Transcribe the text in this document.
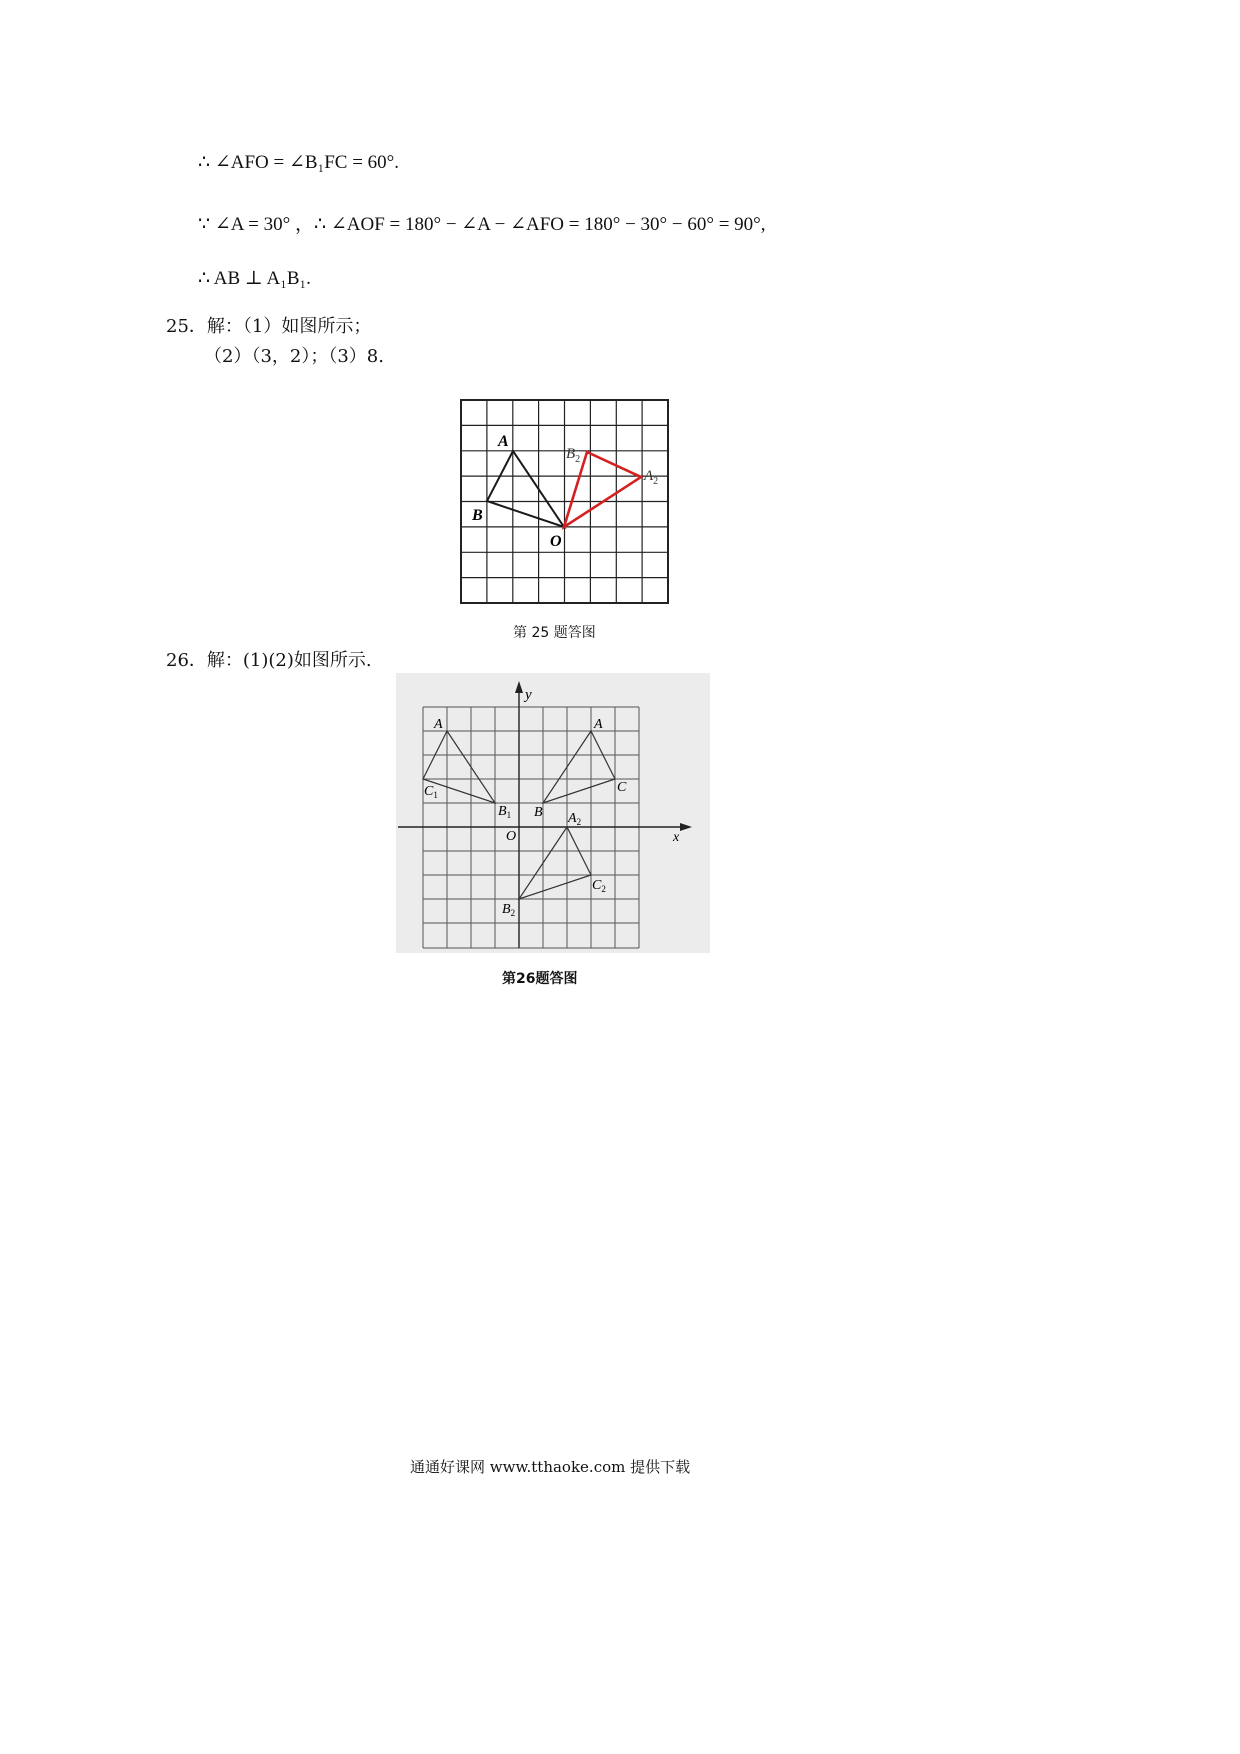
∴ ∠AFO = ∠B₁FC = 60°.
∵ ∠A = 30° ，∴ ∠AOF = 180° − ∠A − ∠AFO = 180° − 30° − 60° = 90°,
∴ AB ⊥ A₁B₁.
25．解：（1）如图所示；
（2）（3，2）；（3）8.
A
B
O
$B_2$
$A_2$
第 25 题答图
26．解：(1)(2)如图所示.
y
x
O
A
$C_1$
$B_1$
A
B
C
$A_2$
$B_2$
$C_2$
第26题答图
通通好课网 www.tthaoke.com 提供下载
